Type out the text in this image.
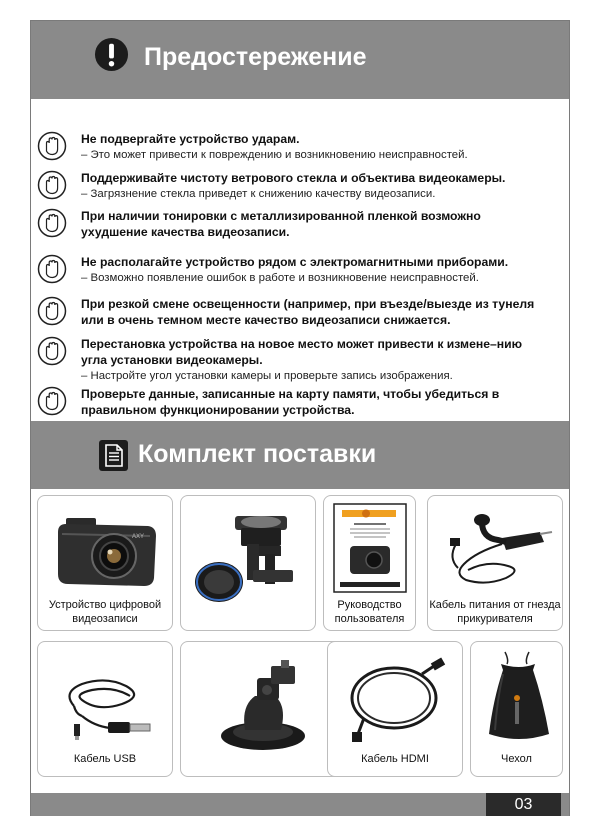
Предостережение
Не подвергайте устройство ударам.
– Это может привести к повреждению и возникновению неисправностей.
Поддерживайте чистоту ветрового стекла и объектива видеокамеры.
– Загрязнение стекла приведет к снижению качеству видеозаписи.
При наличии тонировки с металлизированной пленкой возможно ухудшение качества видеозаписи.
Не располагайте устройство рядом с электромагнитными приборами.
– Возможно появление ошибок в работе и возникновение неисправностей.
При резкой смене освещенности (например, при въезде/выезде из тунеля или в очень темном месте качество видеозаписи снижается.
Перестановка устройства на новое место может привести к измене–нию угла установки видеокамеры.
– Настройте угол установки камеры и проверьте запись изображения.
Проверьте данные, записанные на карту памяти, чтобы убедиться в правильном функционировании устройства.
Комплект поставки
AXY
Устройство цифровой видеозаписи
Руководство пользователя
Кабель питания от гнезда прикуривателя
Кабель USB	Кабель HDMI	Чехол
03
